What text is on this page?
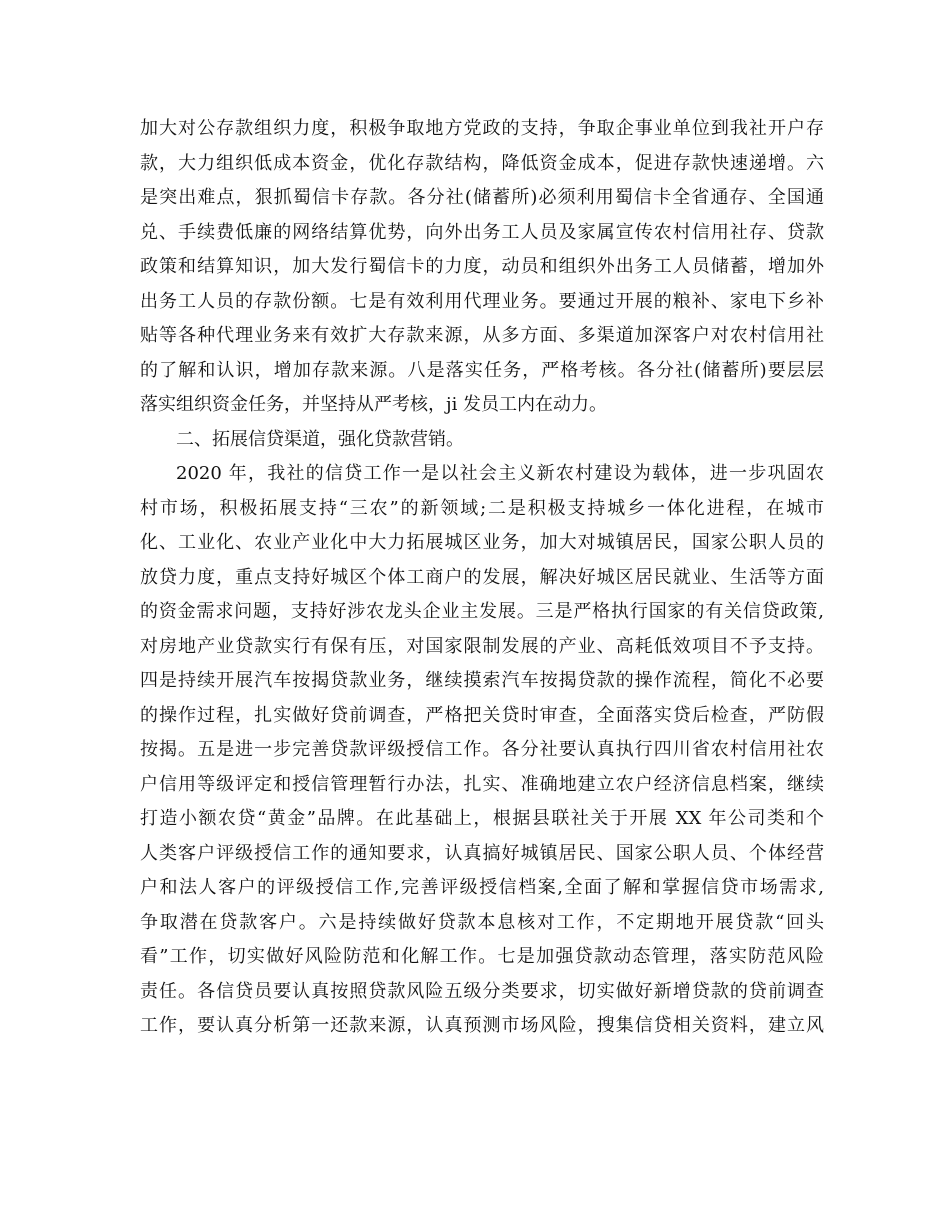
加大对公存款组织力度，积极争取地方党政的支持，争取企事业单位到我社开户存
款，大力组织低成本资金，优化存款结构，降低资金成本，促进存款快速递增。六
是突出难点，狠抓蜀信卡存款。各分社(储蓄所)必须利用蜀信卡全省通存、全国通
兑、手续费低廉的网络结算优势，向外出务工人员及家属宣传农村信用社存、贷款
政策和结算知识，加大发行蜀信卡的力度，动员和组织外出务工人员储蓄，增加外
出务工人员的存款份额。七是有效利用代理业务。要通过开展的粮补、家电下乡补
贴等各种代理业务来有效扩大存款来源，从多方面、多渠道加深客户对农村信用社
的了解和认识，增加存款来源。八是落实任务，严格考核。各分社(储蓄所)要层层
落实组织资金任务，并坚持从严考核，ji 发员工内在动力。
二、拓展信贷渠道，强化贷款营销。
2020 年，我社的信贷工作一是以社会主义新农村建设为载体，进一步巩固农
村市场，积极拓展支持“三农”的新领域;二是积极支持城乡一体化进程，在城市
化、工业化、农业产业化中大力拓展城区业务，加大对城镇居民，国家公职人员的
放贷力度，重点支持好城区个体工商户的发展，解决好城区居民就业、生活等方面
的资金需求问题，支持好涉农龙头企业主发展。三是严格执行国家的有关信贷政策,
对房地产业贷款实行有保有压，对国家限制发展的产业、高耗低效项目不予支持。
四是持续开展汽车按揭贷款业务，继续摸索汽车按揭贷款的操作流程，简化不必要
的操作过程，扎实做好贷前调查，严格把关贷时审查，全面落实贷后检查，严防假
按揭。五是进一步完善贷款评级授信工作。各分社要认真执行四川省农村信用社农
户信用等级评定和授信管理暂行办法，扎实、准确地建立农户经济信息档案，继续
打造小额农贷“黄金”品牌。在此基础上，根据县联社关于开展 XX 年公司类和个
人类客户评级授信工作的通知要求，认真搞好城镇居民、国家公职人员、个体经营
户和法人客户的评级授信工作,完善评级授信档案,全面了解和掌握信贷市场需求,
争取潜在贷款客户。六是持续做好贷款本息核对工作，不定期地开展贷款“回头
看”工作，切实做好风险防范和化解工作。七是加强贷款动态管理，落实防范风险
责任。各信贷员要认真按照贷款风险五级分类要求，切实做好新增贷款的贷前调查
工作，要认真分析第一还款来源，认真预测市场风险，搜集信贷相关资料，建立风
